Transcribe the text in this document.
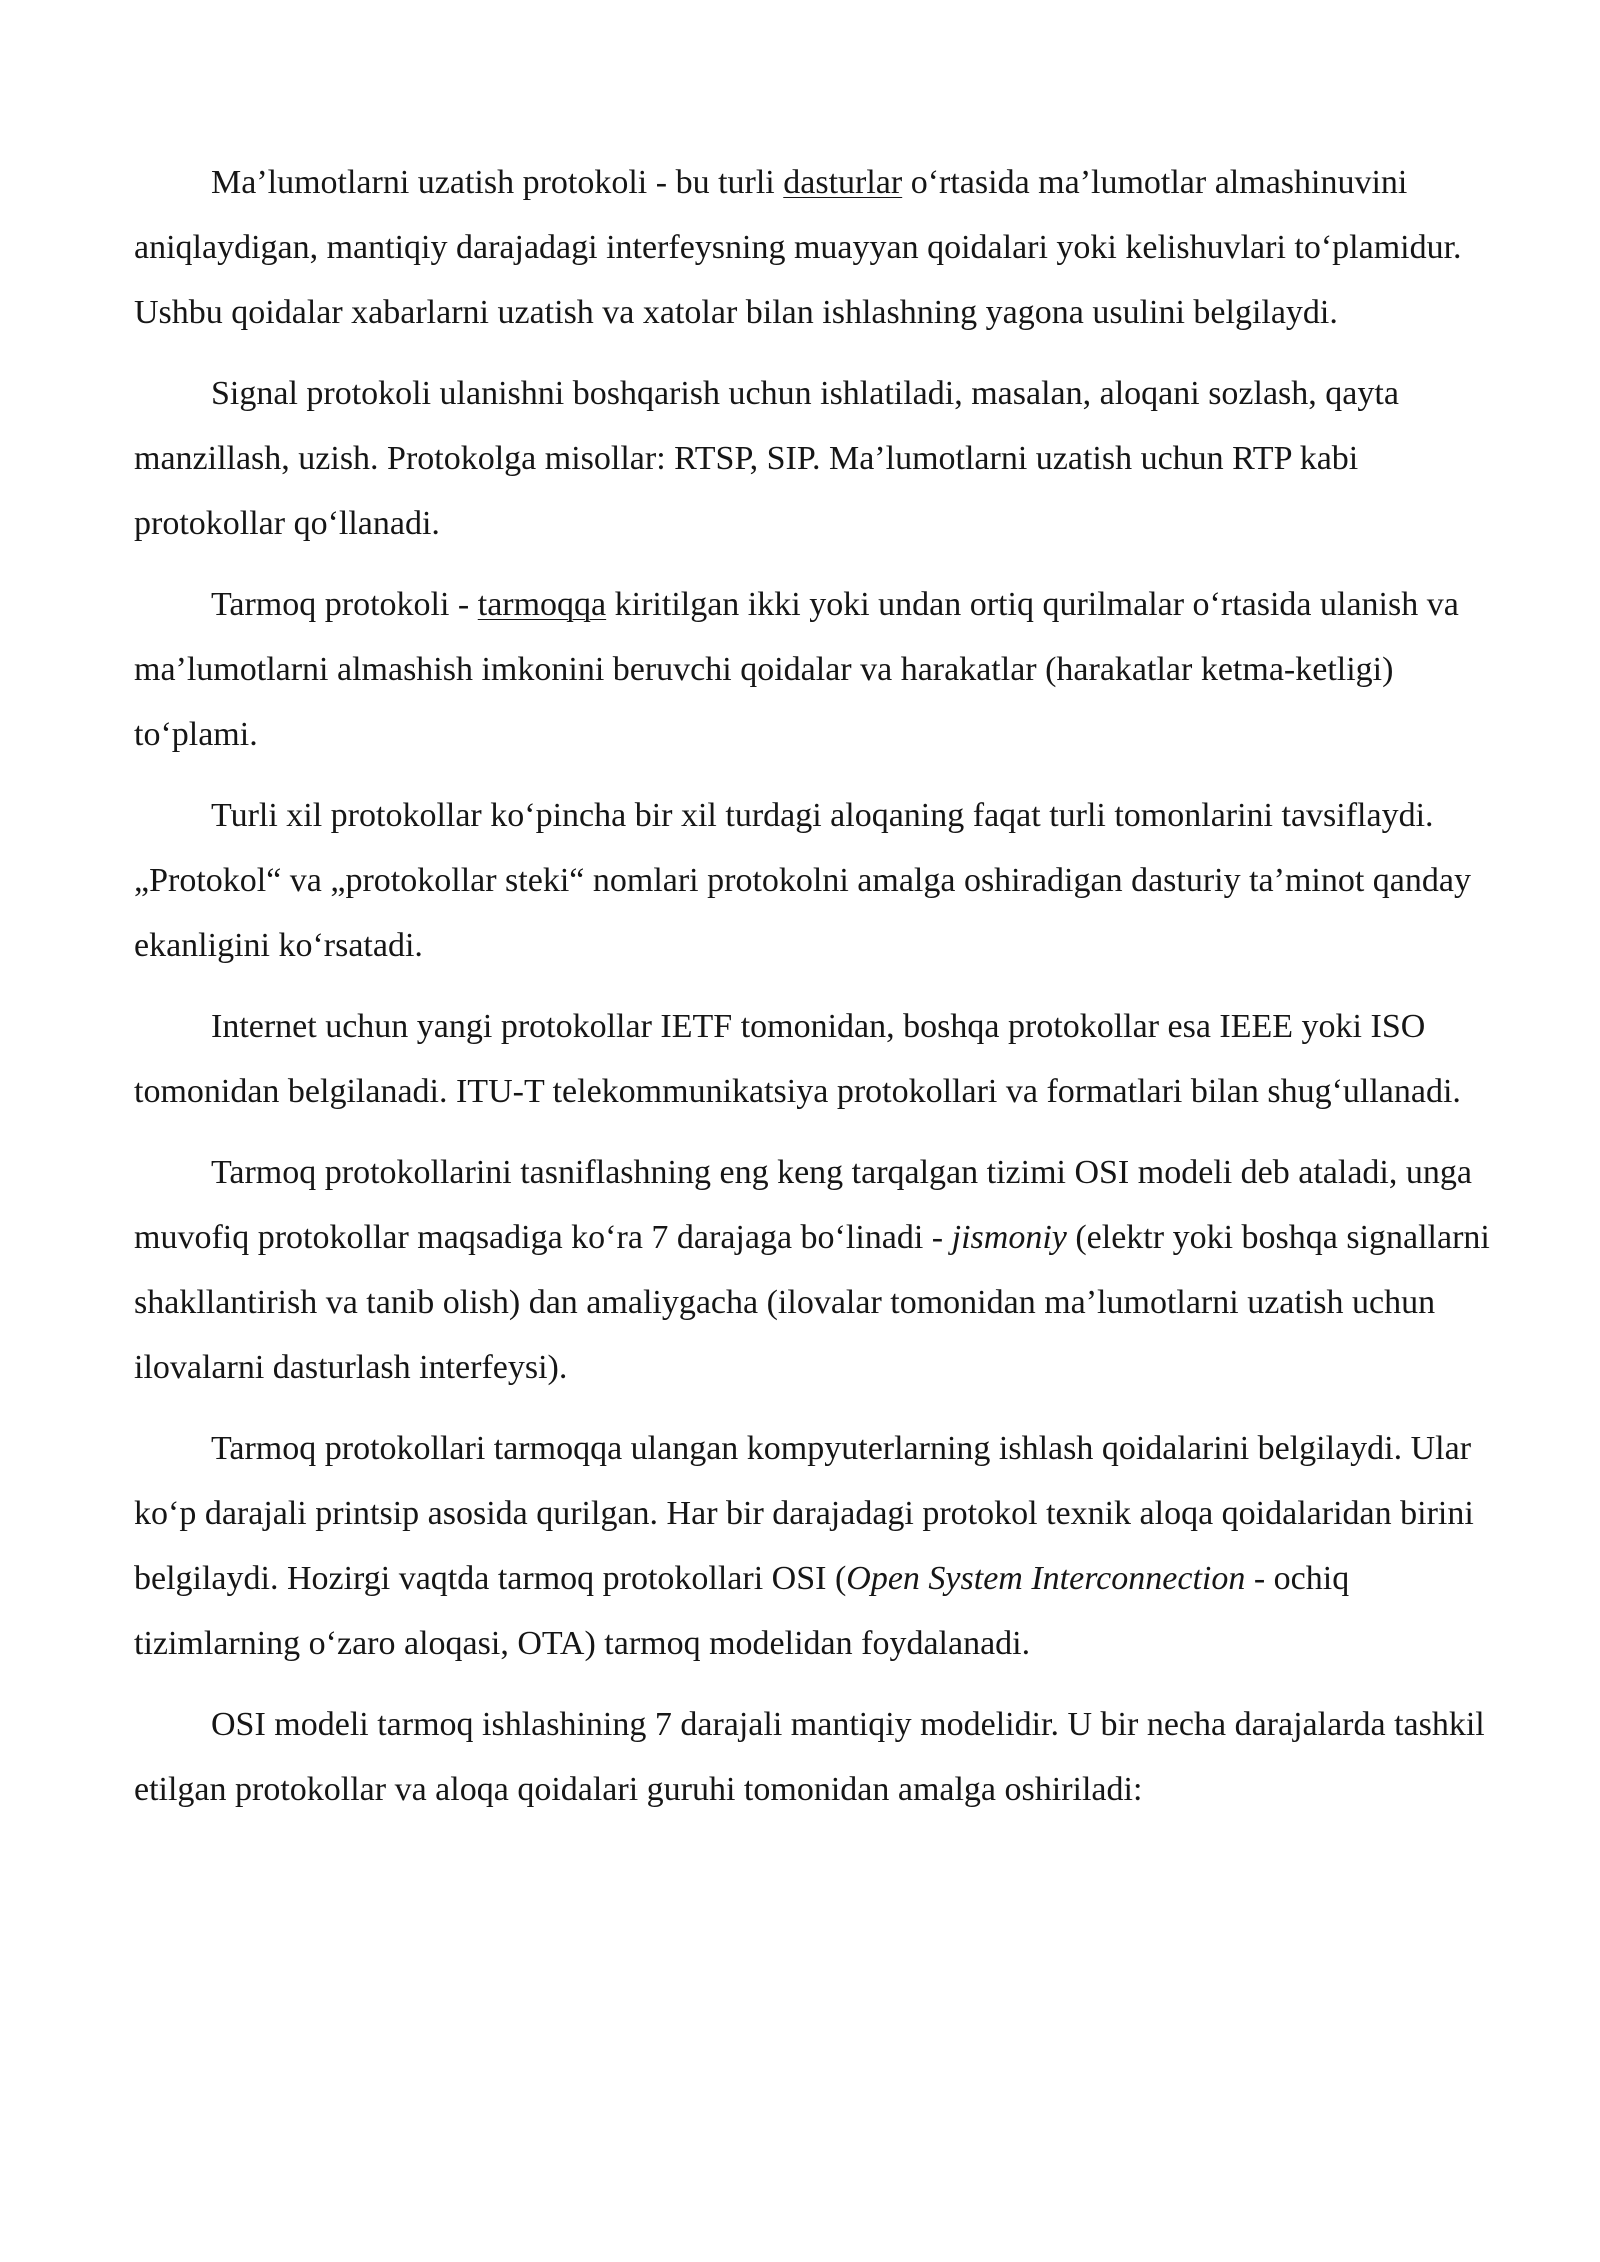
Ma’lumotlarni uzatish protokoli - bu turli dasturlar o‘rtasida ma’lumotlar almashinuvini aniqlaydigan, mantiqiy darajadagi interfeysning muayyan qoidalari yoki kelishuvlari to‘plamidur. Ushbu qoidalar xabarlarni uzatish va xatolar bilan ishlashning yagona usulini belgilaydi.

Signal protokoli ulanishni boshqarish uchun ishlatiladi, masalan, aloqani sozlash, qayta manzillash, uzish. Protokolga misollar: RTSP, SIP. Ma’lumotlarni uzatish uchun RTP kabi protokollar qo‘llanadi.

Tarmoq protokoli - tarmoqqa kiritilgan ikki yoki undan ortiq qurilmalar o‘rtasida ulanish va ma’lumotlarni almashish imkonini beruvchi qoidalar va harakatlar (harakatlar ketma-ketligi) to‘plami.

Turli xil protokollar ko‘pincha bir xil turdagi aloqaning faqat turli tomonlarini tavsiflaydi. „Protokol“ va „protokollar steki“ nomlari protokolni amalga oshiradigan dasturiy ta’minot qanday ekanligini ko‘rsatadi.

Internet uchun yangi protokollar IETF tomonidan, boshqa protokollar esa IEEE yoki ISO tomonidan belgilanadi. ITU-T telekommunikatsiya protokollari va formatlari bilan shug‘ullanadi.

Tarmoq protokollarini tasniflashning eng keng tarqalgan tizimi OSI modeli deb ataladi, unga muvofiq protokollar maqsadiga ko‘ra 7 darajaga bo‘linadi - jismoniy (elektr yoki boshqa signallarni shakllantirish va tanib olish) dan amaliygacha (ilovalar tomonidan ma’lumotlarni uzatish uchun ilovalarni dasturlash interfeysi).

Tarmoq protokollari tarmoqqa ulangan kompyuterlarning ishlash qoidalarini belgilaydi. Ular ko‘p darajali printsip asosida qurilgan. Har bir darajadagi protokol texnik aloqa qoidalaridan birini belgilaydi. Hozirgi vaqtda tarmoq protokollari OSI (Open System Interconnection - ochiq tizimlarning o‘zaro aloqasi, OTA) tarmoq modelidan foydalanadi.

OSI modeli tarmoq ishlashining 7 darajali mantiqiy modelidir. U bir necha darajalarda tashkil etilgan protokollar va aloqa qoidalari guruhi tomonidan amalga oshiriladi:
